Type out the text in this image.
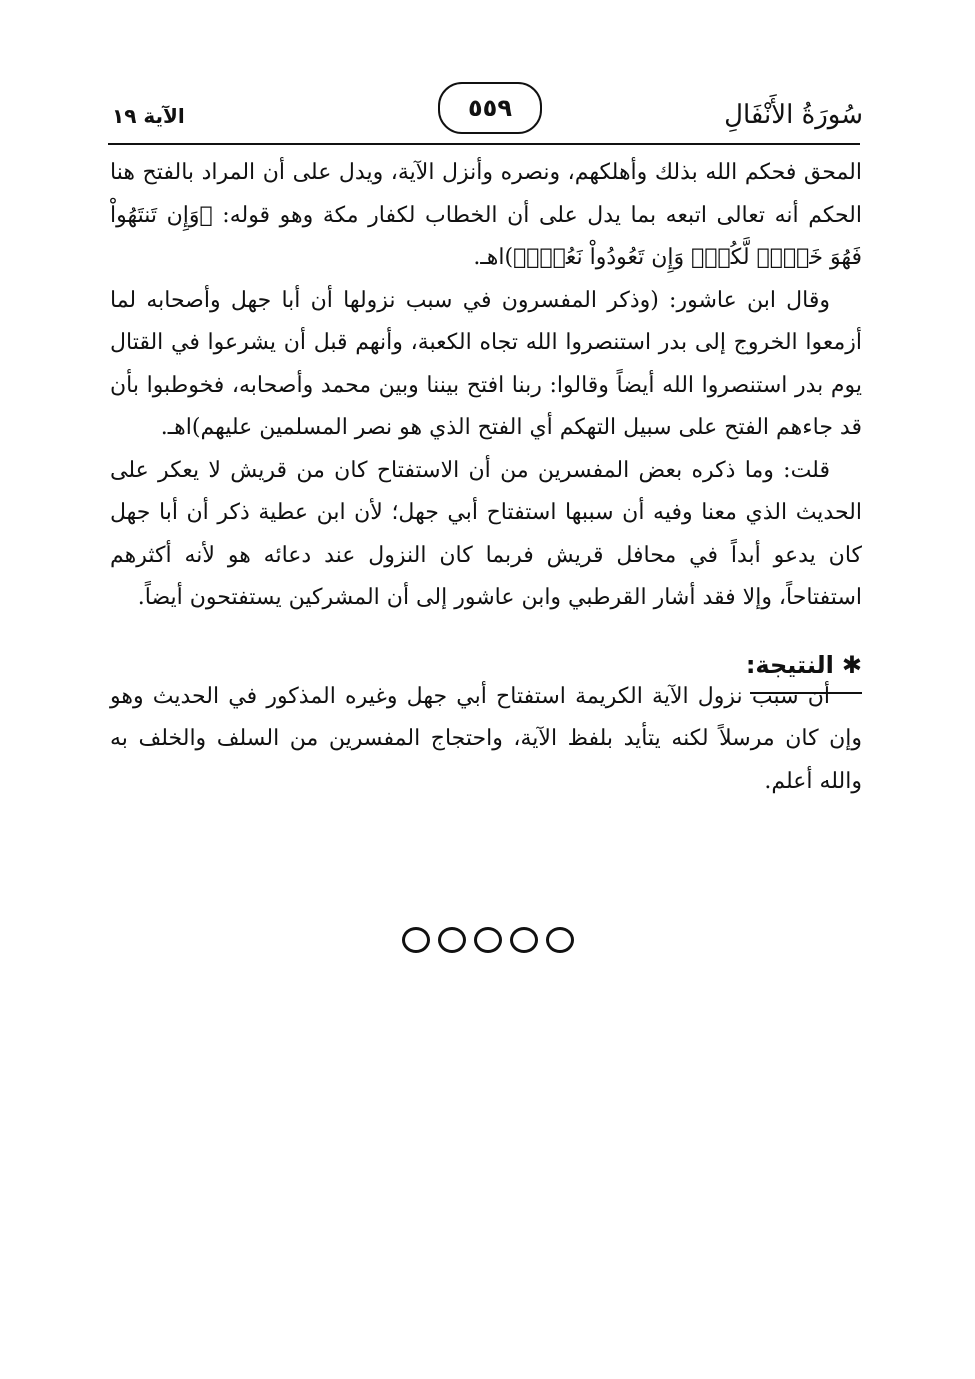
سُورَةُ الأَنْفَالِ
٥٥٩
الآية ١٩

المحق فحكم الله بذلك وأهلكهم، ونصره وأنزل الآية، ويدل على أن المراد بالفتح هنا الحكم أنه تعالى اتبعه بما يدل على أن الخطاب لكفار مكة وهو قوله: ﴿وَإِن تَنتَهُواْ فَهُوَ خَيۡرٞ لَّكُمۡۖ وَإِن تَعُودُواْ نَعُدۡۚ﴾)اهـ.

وقال ابن عاشور: (وذكر المفسرون في سبب نزولها أن أبا جهل وأصحابه لما أزمعوا الخروج إلى بدر استنصروا الله تجاه الكعبة، وأنهم قبل أن يشرعوا في القتال يوم بدر استنصروا الله أيضاً وقالوا: ربنا افتح بيننا وبين محمد وأصحابه، فخوطبوا بأن قد جاءهم الفتح على سبيل التهكم أي الفتح الذي هو نصر المسلمين عليهم)اهـ.

قلت: وما ذكره بعض المفسرين من أن الاستفتاح كان من قريش لا يعكر على الحديث الذي معنا وفيه أن سببها استفتاح أبي جهل؛ لأن ابن عطية ذكر أن أبا جهل كان يدعو أبداً في محافل قريش فربما كان النزول عند دعائه هو لأنه أكثرهم استفتاحاً، وإلا فقد أشار القرطبي وابن عاشور إلى أن المشركين يستفتحون أيضاً.

✱النتيجة:

أن سبب نزول الآية الكريمة استفتاح أبي جهل وغيره المذكور في الحديث وهو وإن كان مرسلاً لكنه يتأيد بلفظ الآية، واحتجاج المفسرين من السلف والخلف به والله أعلم.
